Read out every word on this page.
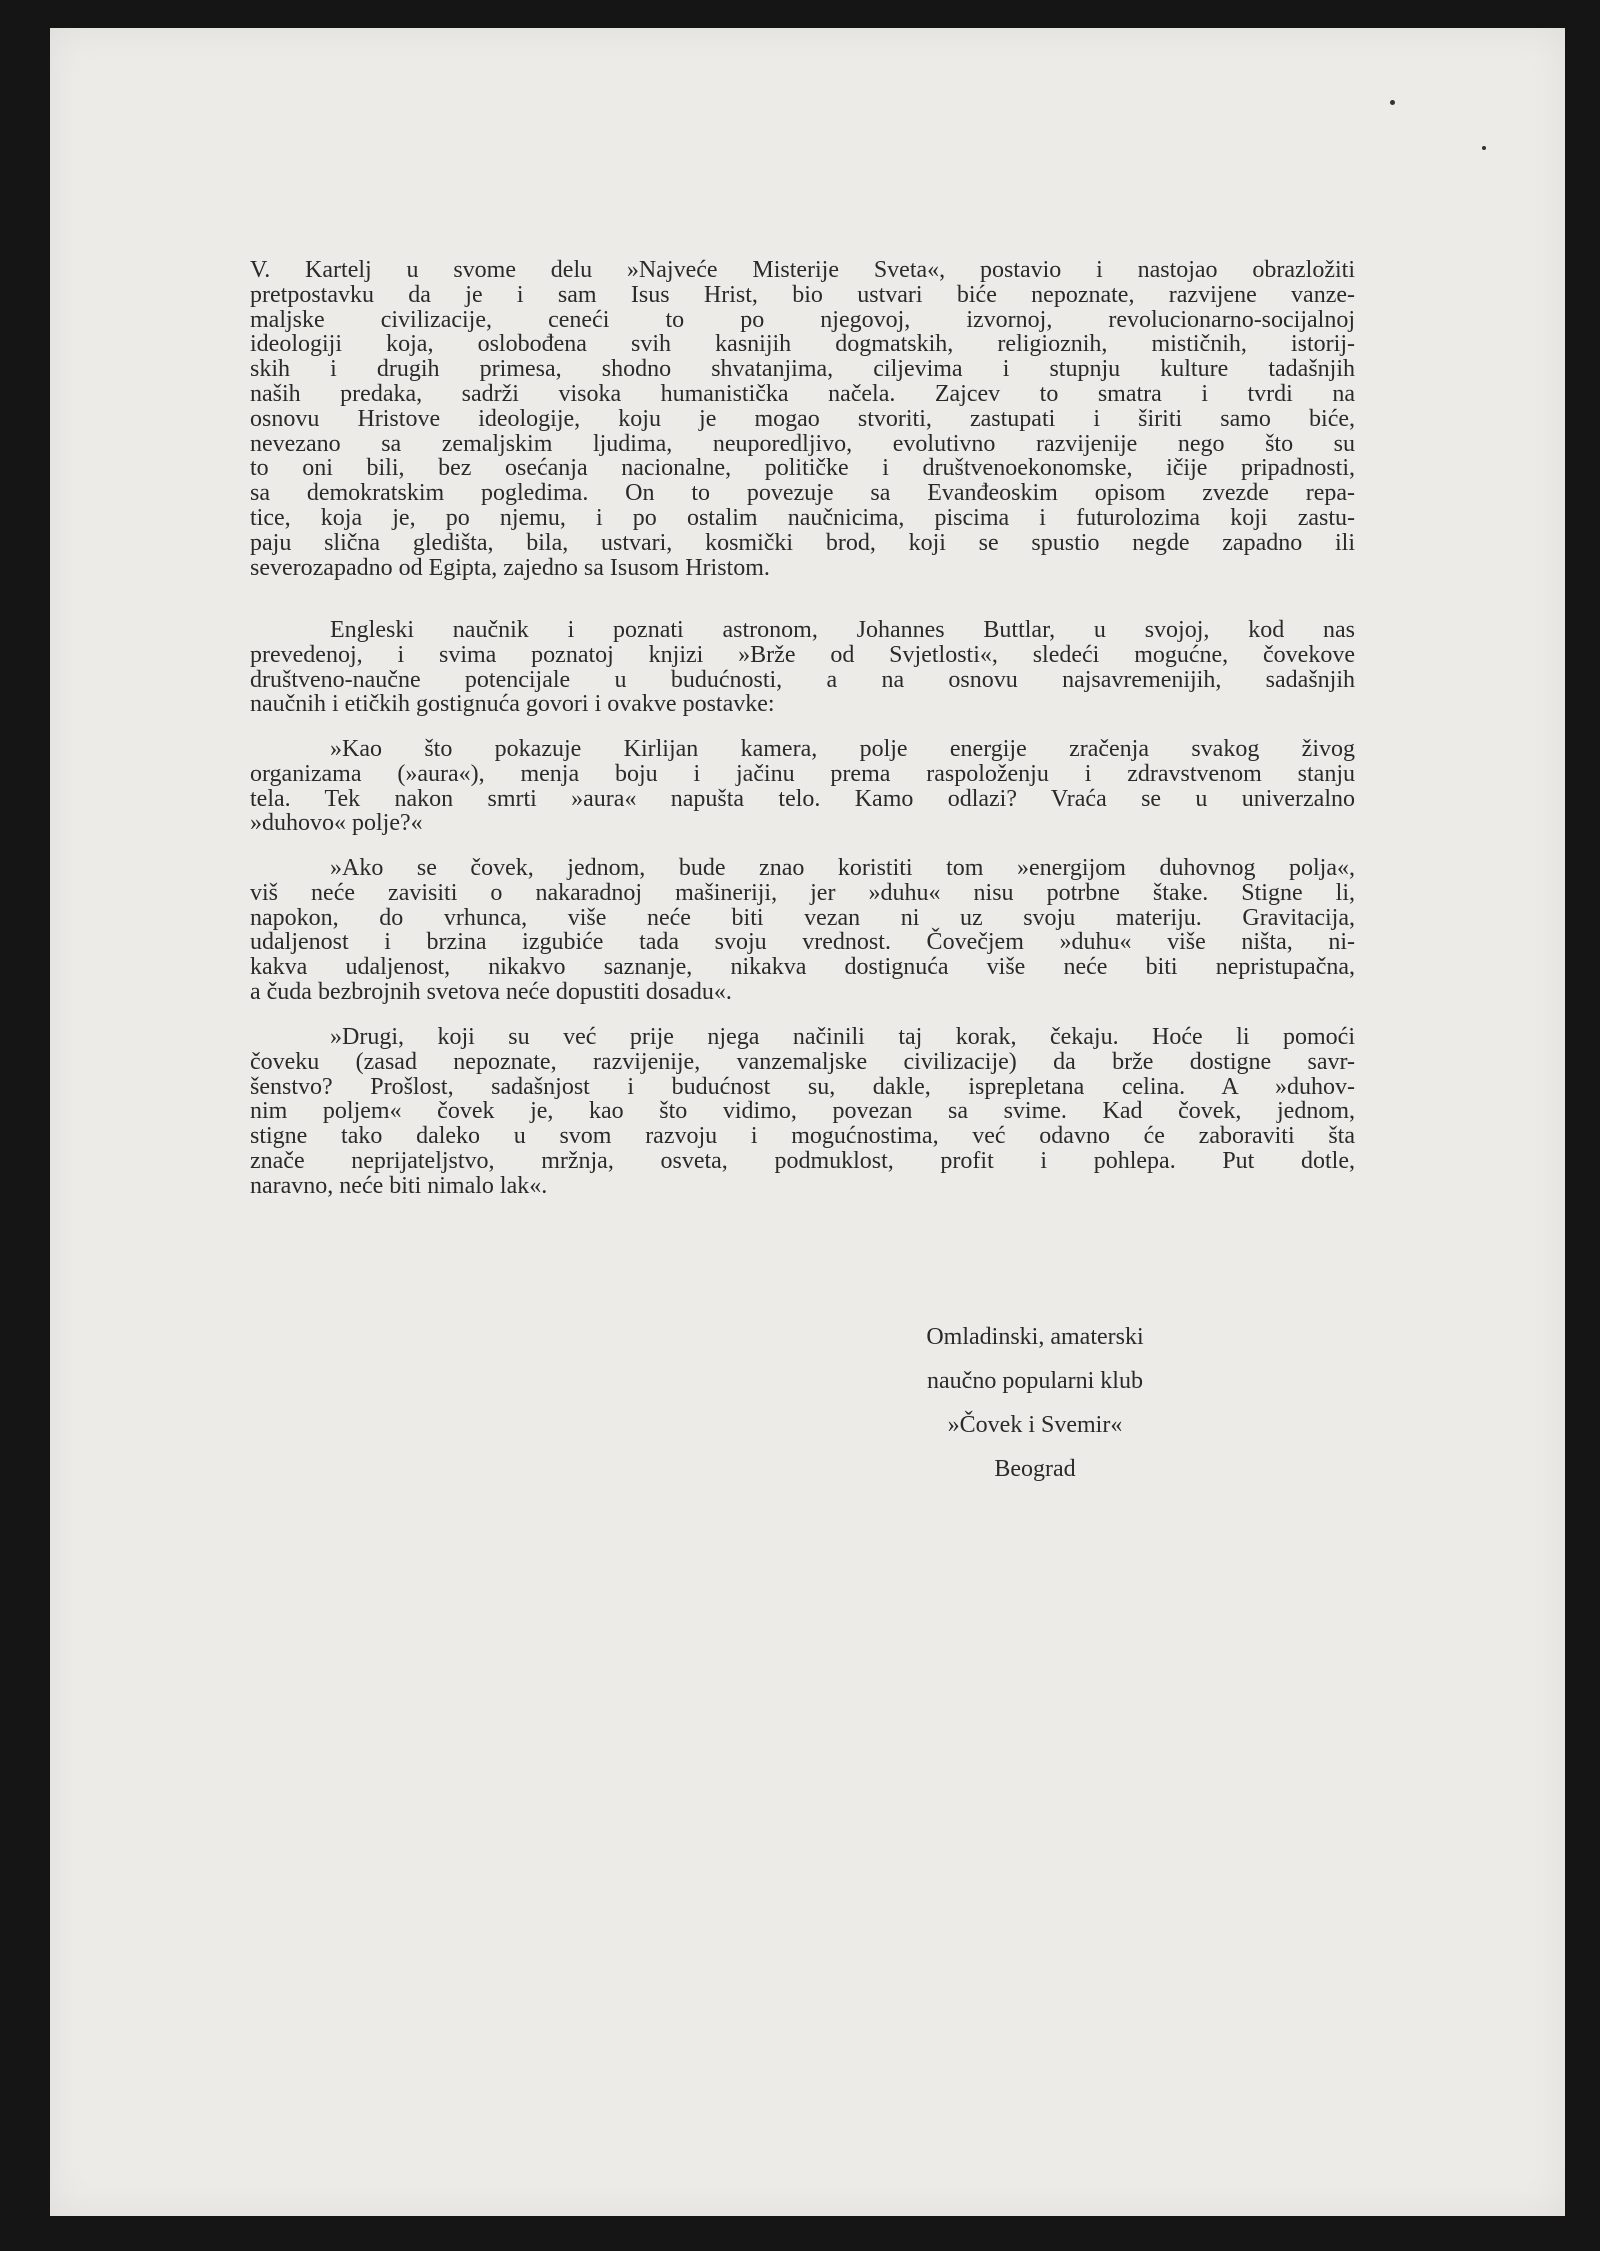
V. Kartelj u svome delu »Najveće Misterije Sveta«, postavio i nastojao obrazložiti
pretpostavku da je i sam Isus Hrist, bio ustvari biće nepoznate, razvijene vanze-
maljske civilizacije, ceneći to po njegovoj, izvornoj, revolucionarno-socijalnoj
ideologiji koja, oslobođena svih kasnijih dogmatskih, religioznih, mističnih, istorij-
skih i drugih primesa, shodno shvatanjima, ciljevima i stupnju kulture tadašnjih
naših predaka, sadrži visoka humanistička načela. Zajcev to smatra i tvrdi na
osnovu Hristove ideologije, koju je mogao stvoriti, zastupati i širiti samo biće,
nevezano sa zemaljskim ljudima, neuporedljivo, evolutivno razvijenije nego što su
to oni bili, bez osećanja nacionalne, političke i društvenoekonomske, ičije pripadnosti,
sa demokratskim pogledima. On to povezuje sa Evanđeoskim opisom zvezde repa-
tice, koja je, po njemu, i po ostalim naučnicima, piscima i futurolozima koji zastu-
paju slična gledišta, bila, ustvari, kosmički brod, koji se spustio negde zapadno ili
severozapadno od Egipta, zajedno sa Isusom Hristom.
Engleski naučnik i poznati astronom, Johannes Buttlar, u svojoj, kod nas
prevedenoj, i svima poznatoj knjizi »Brže od Svjetlosti«, sledeći mogućne, čovekove
društveno-naučne potencijale u budućnosti, a na osnovu najsavremenijih, sadašnjih
naučnih i etičkih gostignuća govori i ovakve postavke:
»Kao što pokazuje Kirlijan kamera, polje energije zračenja svakog živog
organizama (»aura«), menja boju i jačinu prema raspoloženju i zdravstvenom stanju
tela. Tek nakon smrti »aura« napušta telo. Kamo odlazi? Vraća se u univerzalno
»duhovo« polje?«
»Ako se čovek, jednom, bude znao koristiti tom »energijom duhovnog polja«,
viš neće zavisiti o nakaradnoj mašineriji, jer »duhu« nisu potrbne štake. Stigne li,
napokon, do vrhunca, više neće biti vezan ni uz svoju materiju. Gravitacija,
udaljenost i brzina izgubiće tada svoju vrednost. Čovečjem »duhu« više ništa, ni-
kakva udaljenost, nikakvo saznanje, nikakva dostignuća više neće biti nepristupačna,
a čuda bezbrojnih svetova neće dopustiti dosadu«.
»Drugi, koji su već prije njega načinili taj korak, čekaju. Hoće li pomoći
čoveku (zasad nepoznate, razvijenije, vanzemaljske civilizacije) da brže dostigne savr-
šenstvo? Prošlost, sadašnjost i budućnost su, dakle, isprepletana celina. A »duhov-
nim poljem« čovek je, kao što vidimo, povezan sa svime. Kad čovek, jednom,
stigne tako daleko u svom razvoju i mogućnostima, već odavno će zaboraviti šta
znače neprijateljstvo, mržnja, osveta, podmuklost, profit i pohlepa. Put dotle,
naravno, neće biti nimalo lak«.
Omladinski, amaterski
naučno popularni klub
»Čovek i Svemir«
Beograd
